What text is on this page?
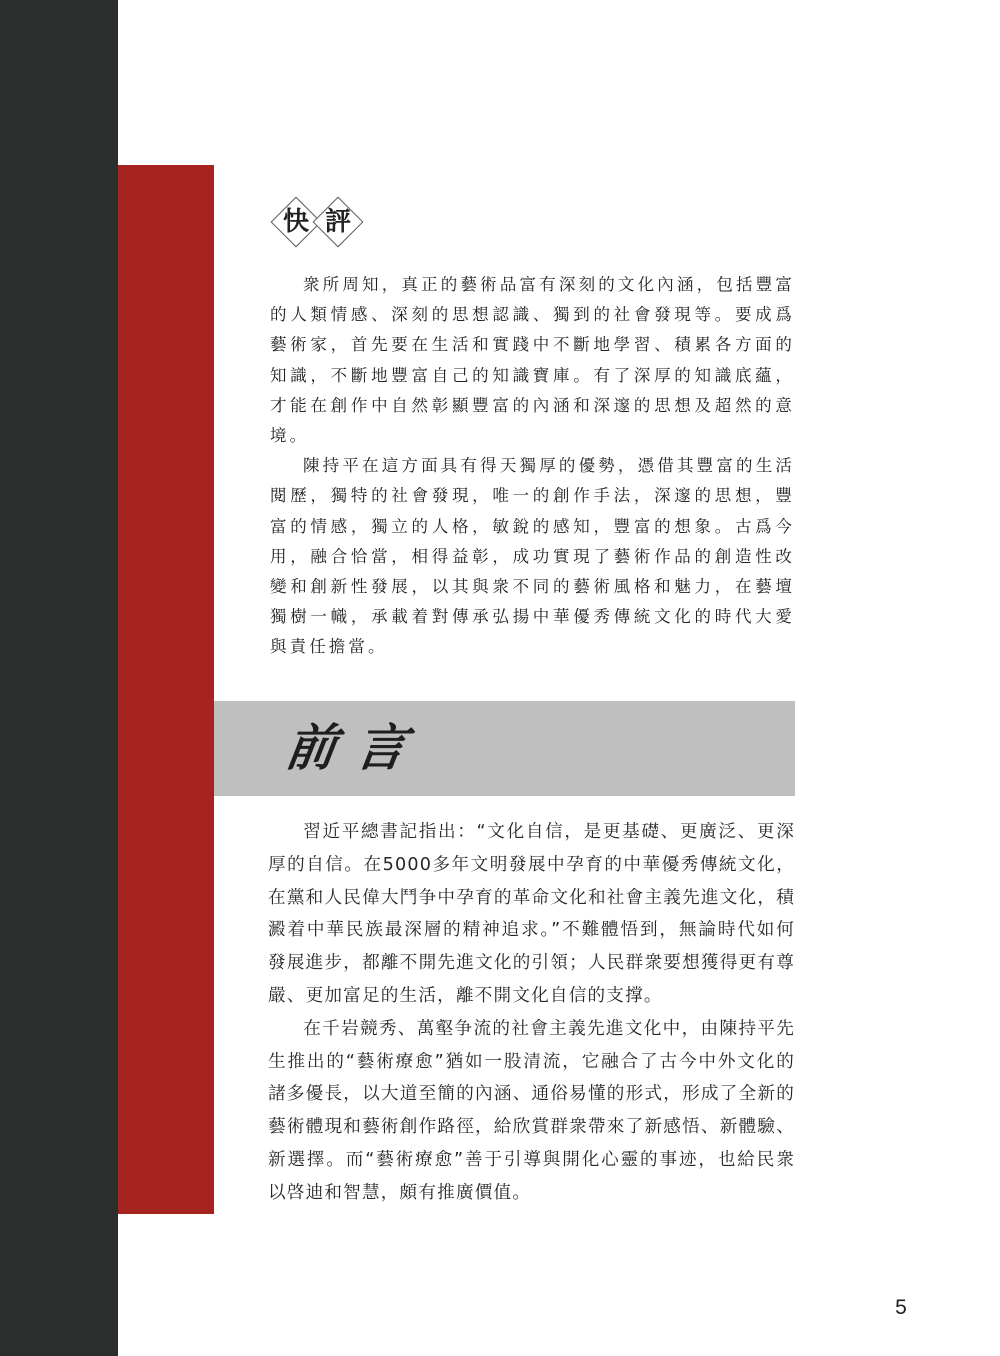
快 評

衆所周知，真正的藝術品富有深刻的文化內涵，包括豐富的人類情感、深刻的思想認識、獨到的社會發現等。要成爲藝術家，首先要在生活和實踐中不斷地學習、積累各方面的知識，不斷地豐富自己的知識寶庫。有了深厚的知識底蘊，才能在創作中自然彰顯豐富的內涵和深邃的思想及超然的意境。

陳持平在這方面具有得天獨厚的優勢，憑借其豐富的生活閱歷，獨特的社會發現，唯一的創作手法，深邃的思想，豐富的情感，獨立的人格，敏銳的感知，豐富的想象。古爲今用，融合恰當，相得益彰，成功實現了藝術作品的創造性改變和創新性發展，以其與衆不同的藝術風格和魅力，在藝壇獨樹一幟，承載着對傳承弘揚中華優秀傳統文化的時代大愛與責任擔當。

前言

習近平總書記指出：“文化自信，是更基礎、更廣泛、更深厚的自信。在5000多年文明發展中孕育的中華優秀傳統文化，在黨和人民偉大鬥争中孕育的革命文化和社會主義先進文化，積澱着中華民族最深層的精神追求。”不難體悟到，無論時代如何發展進步，都離不開先進文化的引領；人民群衆要想獲得更有尊嚴、更加富足的生活，離不開文化自信的支撑。

在千岩競秀、萬壑争流的社會主義先進文化中，由陳持平先生推出的“藝術療愈”猶如一股清流，它融合了古今中外文化的諸多優長，以大道至簡的內涵、通俗易懂的形式，形成了全新的藝術體現和藝術創作路徑，給欣賞群衆帶來了新感悟、新體驗、新選擇。而“藝術療愈”善于引導與開化心靈的事迹，也給民衆以啓迪和智慧，頗有推廣價值。

5
